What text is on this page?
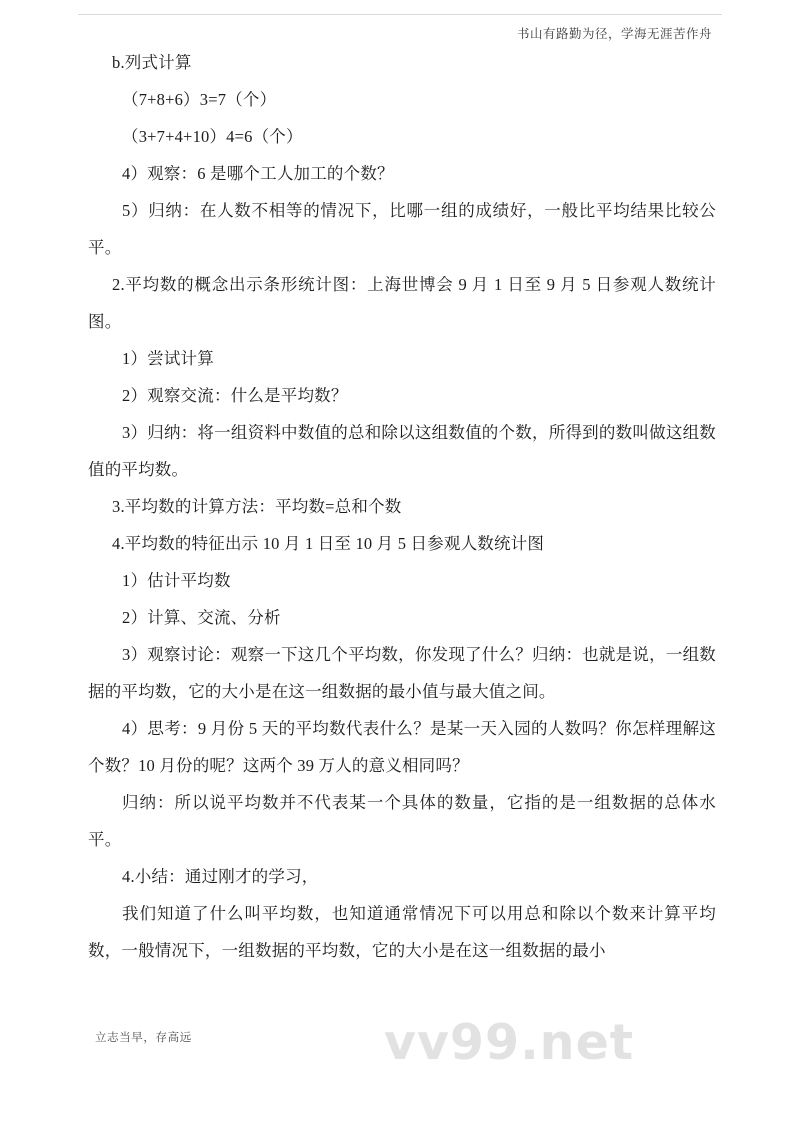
书山有路勤为径，学海无涯苦作舟

b.列式计算

（7+8+6）3=7（个）

（3+7+4+10）4=6（个）

4）观察：6 是哪个工人加工的个数？

5）归纳：在人数不相等的情况下，比哪一组的成绩好，一般比平均结果比较公平。

2.平均数的概念出示条形统计图：上海世博会 9 月 1 日至 9 月 5 日参观人数统计图。

1）尝试计算

2）观察交流：什么是平均数？

3）归纳：将一组资料中数值的总和除以这组数值的个数，所得到的数叫做这组数值的平均数。

3.平均数的计算方法：平均数=总和个数

4.平均数的特征出示 10 月 1 日至 10 月 5 日参观人数统计图

1）估计平均数

2）计算、交流、分析

3）观察讨论：观察一下这几个平均数，你发现了什么？归纳：也就是说，一组数据的平均数，它的大小是在这一组数据的最小值与最大值之间。

4）思考：9 月份 5 天的平均数代表什么？是某一天入园的人数吗？你怎样理解这个数？10 月份的呢？这两个 39 万人的意义相同吗？

归纳：所以说平均数并不代表某一个具体的数量，它指的是一组数据的总体水平。

4.小结：通过刚才的学习，

我们知道了什么叫平均数，也知道通常情况下可以用总和除以个数来计算平均数，一般情况下，一组数据的平均数，它的大小是在这一组数据的最小

立志当早，存高远	vv99.net
